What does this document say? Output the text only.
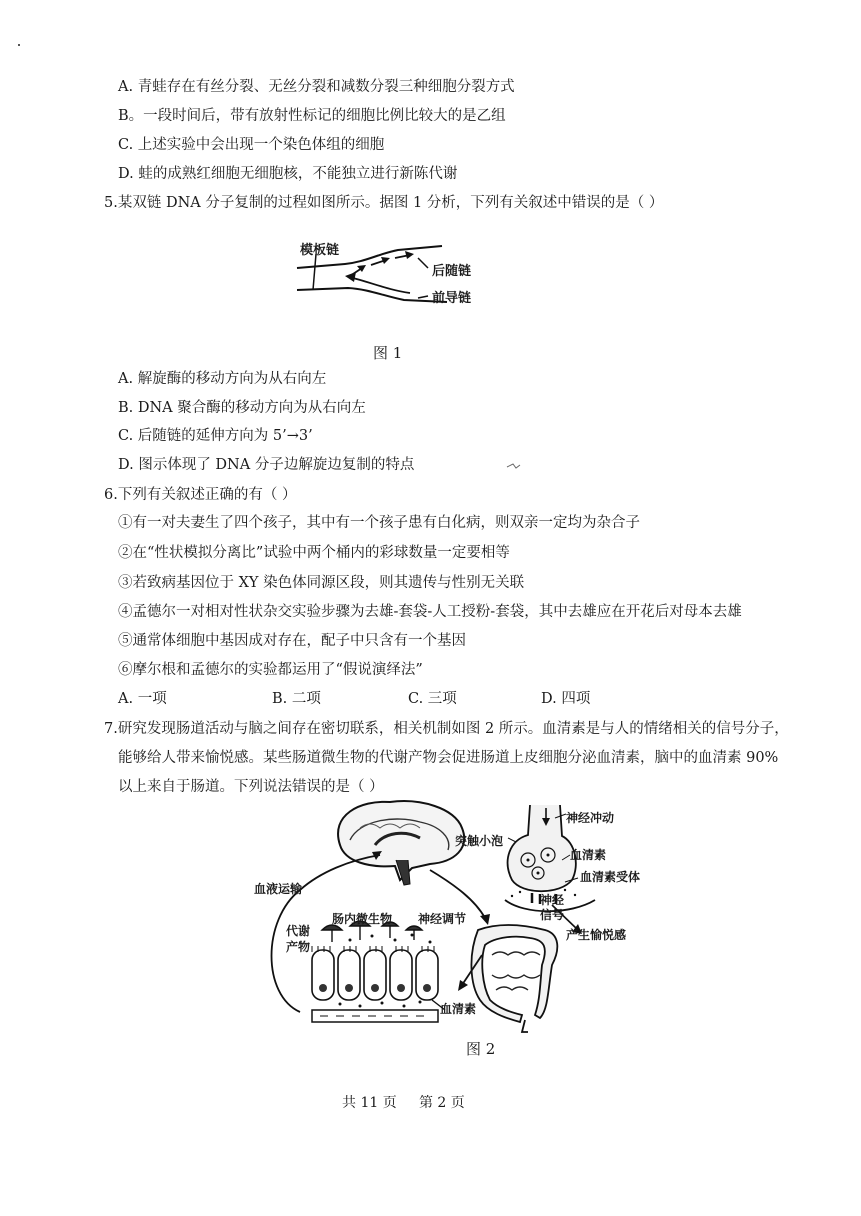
A. 青蛙存在有丝分裂、无丝分裂和减数分裂三种细胞分裂方式
B。一段时间后，带有放射性标记的细胞比例比较大的是乙组
C. 上述实验中会出现一个染色体组的细胞
D. 蛙的成熟红细胞无细胞核，不能独立进行新陈代谢
5.某双链 DNA 分子复制的过程如图所示。据图 1 分析，下列有关叙述中错误的是（ ）
模板链
后随链
前导链
图 1
A. 解旋酶的移动方向为从右向左
B. DNA 聚合酶的移动方向为从右向左
C. 后随链的延伸方向为 5’→3’
D. 图示体现了 DNA 分子边解旋边复制的特点
6.下列有关叙述正确的有（ ）
①有一对夫妻生了四个孩子，其中有一个孩子患有白化病，则双亲一定均为杂合子
②在“性状模拟分离比”试验中两个桶内的彩球数量一定要相等
③若致病基因位于 XY 染色体同源区段，则其遗传与性别无关联
④孟德尔一对相对性状杂交实验步骤为去雄-套袋-人工授粉-套袋，其中去雄应在开花后对母本去雄
⑤通常体细胞中基因成对存在，配子中只含有一个基因
⑥摩尔根和孟德尔的实验都运用了“假说演绎法”
A. 一项	B. 二项	C. 三项	D. 四项
7.研究发现肠道活动与脑之间存在密切联系，相关机制如图 2 所示。血清素是与人的情绪相关的信号分子，
能够给人带来愉悦感。某些肠道微生物的代谢产物会促进肠道上皮细胞分泌血清素，脑中的血清素 90%
以上来自于肠道。下列说法错误的是（ ）
神经冲动
突触小泡
血清素
血清素受体
神经
信号
产生愉悦感
血液运输
肠内微生物 神经调节
代谢
产物
血清素
图 2
共 11 页     第 2 页
